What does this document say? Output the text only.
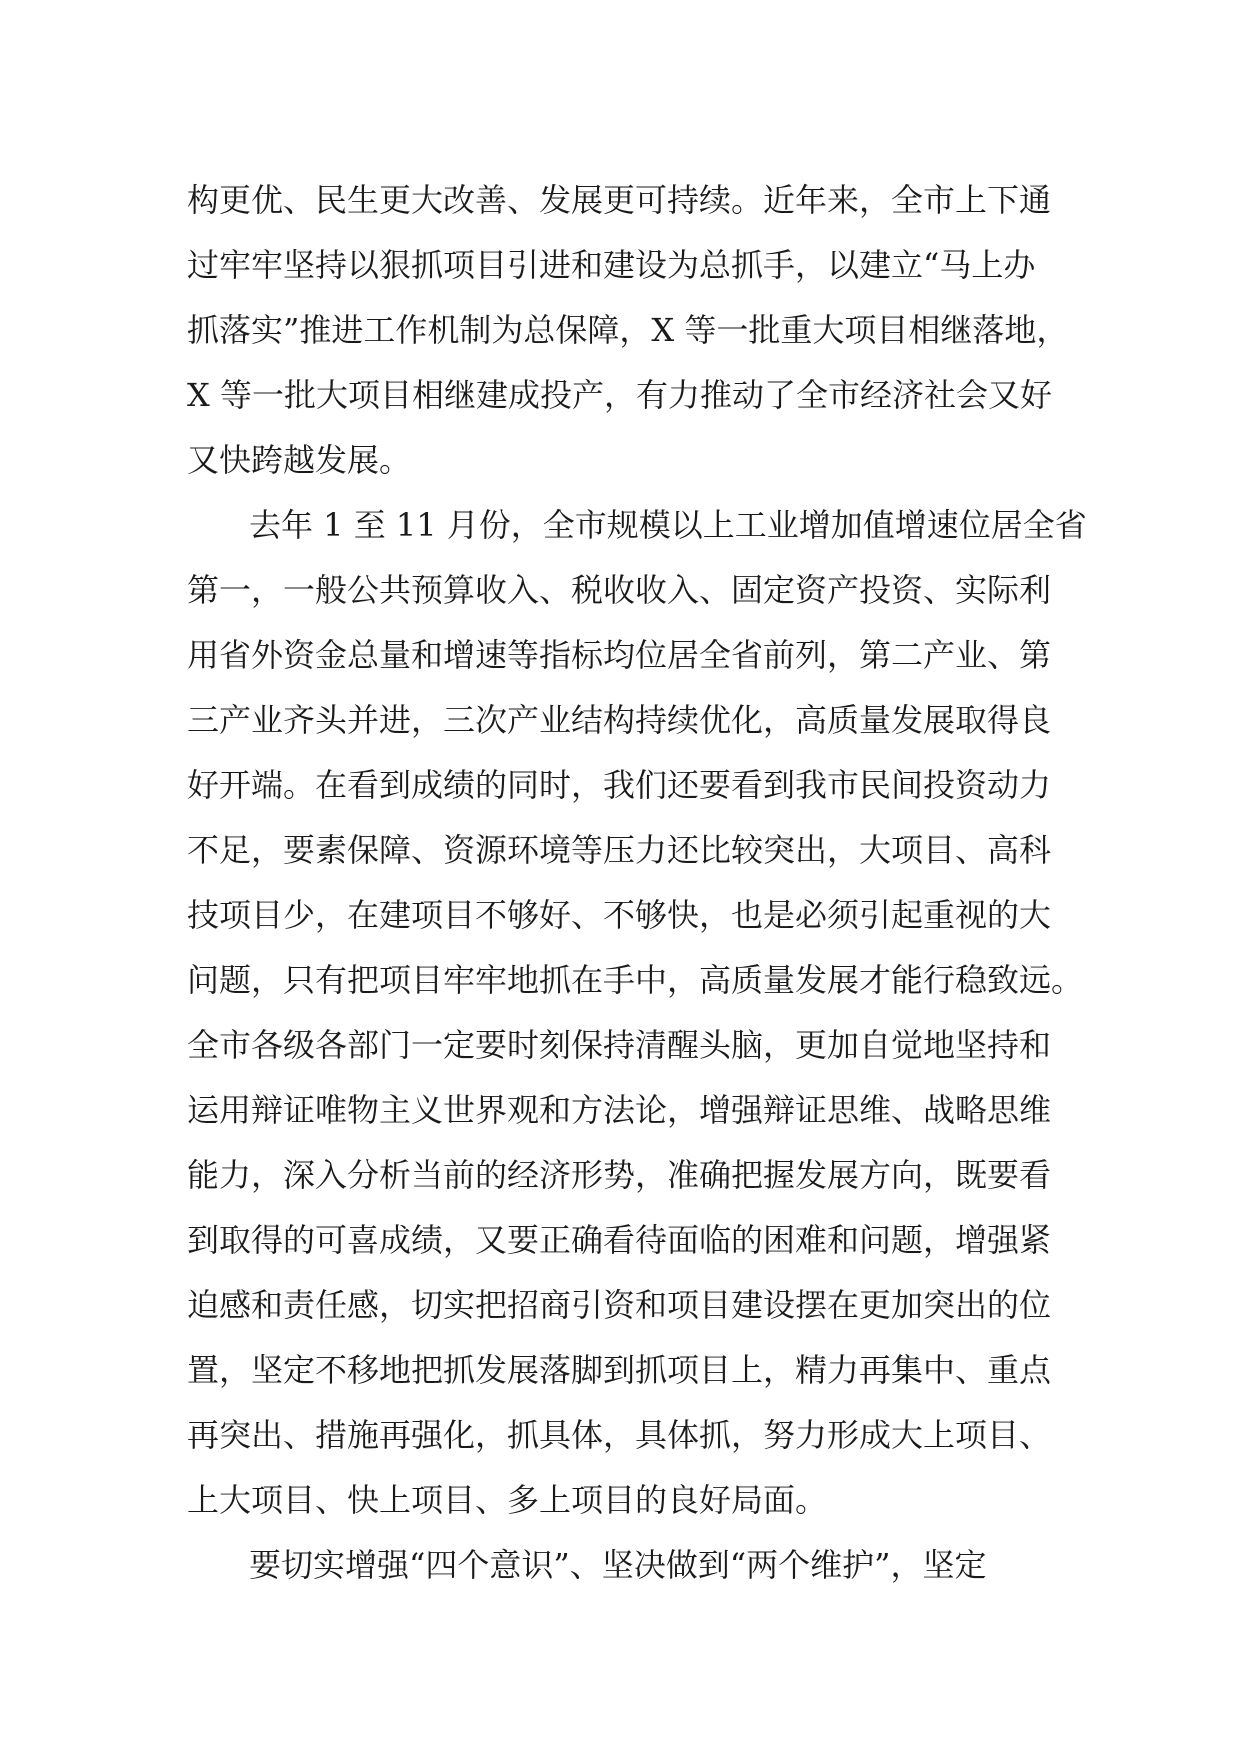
构更优、民生更大改善、发展更可持续。近年来，全市上下通
过牢牢坚持以狠抓项目引进和建设为总抓手，以建立“马上办
抓落实”推进工作机制为总保障，X 等一批重大项目相继落地，
X 等一批大项目相继建成投产，有力推动了全市经济社会又好
又快跨越发展。
去年 1 至 11 月份，全市规模以上工业增加值增速位居全省
第一，一般公共预算收入、税收收入、固定资产投资、实际利
用省外资金总量和增速等指标均位居全省前列，第二产业、第
三产业齐头并进，三次产业结构持续优化，高质量发展取得良
好开端。在看到成绩的同时，我们还要看到我市民间投资动力
不足，要素保障、资源环境等压力还比较突出，大项目、高科
技项目少，在建项目不够好、不够快，也是必须引起重视的大
问题，只有把项目牢牢地抓在手中，高质量发展才能行稳致远。
全市各级各部门一定要时刻保持清醒头脑，更加自觉地坚持和
运用辩证唯物主义世界观和方法论，增强辩证思维、战略思维
能力，深入分析当前的经济形势，准确把握发展方向，既要看
到取得的可喜成绩，又要正确看待面临的困难和问题，增强紧
迫感和责任感，切实把招商引资和项目建设摆在更加突出的位
置，坚定不移地把抓发展落脚到抓项目上，精力再集中、重点
再突出、措施再强化，抓具体，具体抓，努力形成大上项目、
上大项目、快上项目、多上项目的良好局面。
要切实增强“四个意识”、坚决做到“两个维护”，坚定
